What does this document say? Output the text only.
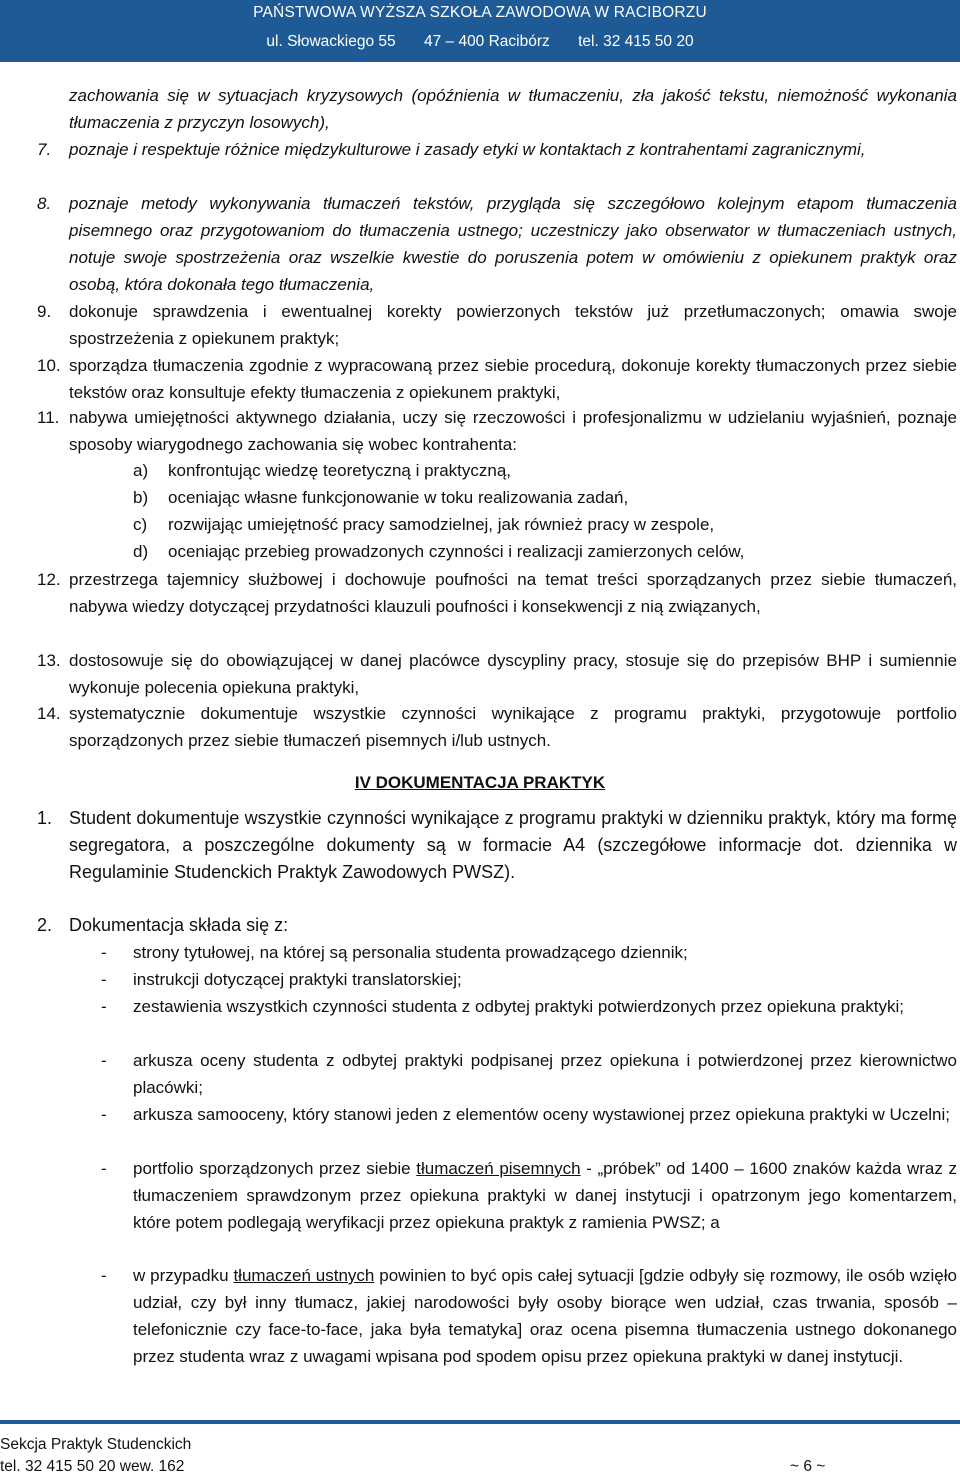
PAŃSTWOWA WYŻSZA SZKOŁA ZAWODOWA W RACIBORZU
ul. Słowackiego 55 47 – 400 Racibórz tel. 32 415 50 20
zachowania się w sytuacjach kryzysowych (opóźnienia w tłumaczeniu, zła jakość tekstu, niemożność wykonania tłumaczenia z przyczyn losowych),
7. poznaje i respektuje różnice międzykulturowe i zasady etyki w kontaktach z kontrahentami zagranicznymi,
8. poznaje metody wykonywania tłumaczeń tekstów, przygląda się szczegółowo kolejnym etapom tłumaczenia pisemnego oraz przygotowaniom do tłumaczenia ustnego; uczestniczy jako obserwator w tłumaczeniach ustnych, notuje swoje spostrzeżenia oraz wszelkie kwestie do poruszenia potem w omówieniu z opiekunem praktyk oraz osobą, która dokonała tego tłumaczenia,
9. dokonuje sprawdzenia i ewentualnej korekty powierzonych tekstów już przetłumaczonych; omawia swoje spostrzeżenia z opiekunem praktyk;
10. sporządza tłumaczenia zgodnie z wypracowaną przez siebie procedurą, dokonuje korekty tłumaczonych przez siebie tekstów oraz konsultuje efekty tłumaczenia z opiekunem praktyki,
11. nabywa umiejętności aktywnego działania, uczy się rzeczowości i profesjonalizmu w udzielaniu wyjaśnień, poznaje sposoby wiarygodnego zachowania się wobec kontrahenta:
a) konfrontując wiedzę teoretyczną i praktyczną,
b) oceniając własne funkcjonowanie w toku realizowania zadań,
c) rozwijając umiejętność pracy samodzielnej, jak również pracy w zespole,
d) oceniając przebieg prowadzonych czynności i realizacji zamierzonych celów,
12. przestrzega tajemnicy służbowej i dochowuje poufności na temat treści sporządzanych przez siebie tłumaczeń, nabywa wiedzy dotyczącej przydatności klauzuli poufności i konsekwencji z nią związanych,
13. dostosowuje się do obowiązującej w danej placówce dyscypliny pracy, stosuje się do przepisów BHP i sumiennie wykonuje polecenia opiekuna praktyki,
14. systematycznie dokumentuje wszystkie czynności wynikające z programu praktyki, przygotowuje portfolio sporządzonych przez siebie tłumaczeń pisemnych i/lub ustnych.
IV DOKUMENTACJA PRAKTYK
1. Student dokumentuje wszystkie czynności wynikające z programu praktyki w dzienniku praktyk, który ma formę segregatora, a poszczególne dokumenty są w formacie A4 (szczegółowe informacje dot. dziennika w Regulaminie Studenckich Praktyk Zawodowych PWSZ).
2. Dokumentacja składa się z:
- strony tytułowej, na której są personalia studenta prowadzącego dziennik;
- instrukcji dotyczącej praktyki translatorskiej;
- zestawienia wszystkich czynności studenta z odbytej praktyki potwierdzonych przez opiekuna praktyki;
- arkusza oceny studenta z odbytej praktyki podpisanej przez opiekuna i potwierdzonej przez kierownictwo placówki;
- arkusza samooceny, który stanowi jeden z elementów oceny wystawionej przez opiekuna praktyki w Uczelni;
- portfolio sporządzonych przez siebie tłumaczeń pisemnych - „próbek” od 1400 – 1600 znaków każda wraz z tłumaczeniem sprawdzonym przez opiekuna praktyki w danej instytucji i opatrzonym jego komentarzem, które potem podlegają weryfikacji przez opiekuna praktyk z ramienia PWSZ; a
- w przypadku tłumaczeń ustnych powinien to być opis całej sytuacji [gdzie odbyły się rozmowy, ile osób wzięło udział, czy był inny tłumacz, jakiej narodowości były osoby biorące wen udział, czas trwania, sposób – telefonicznie czy face-to-face, jaka była tematyka] oraz ocena pisemna tłumaczenia ustnego dokonanego przez studenta wraz z uwagami wpisana pod spodem opisu przez opiekuna praktyki w danej instytucji.
Sekcja Praktyk Studenckich
tel. 32 415 50 20 wew. 162	~ 6 ~
